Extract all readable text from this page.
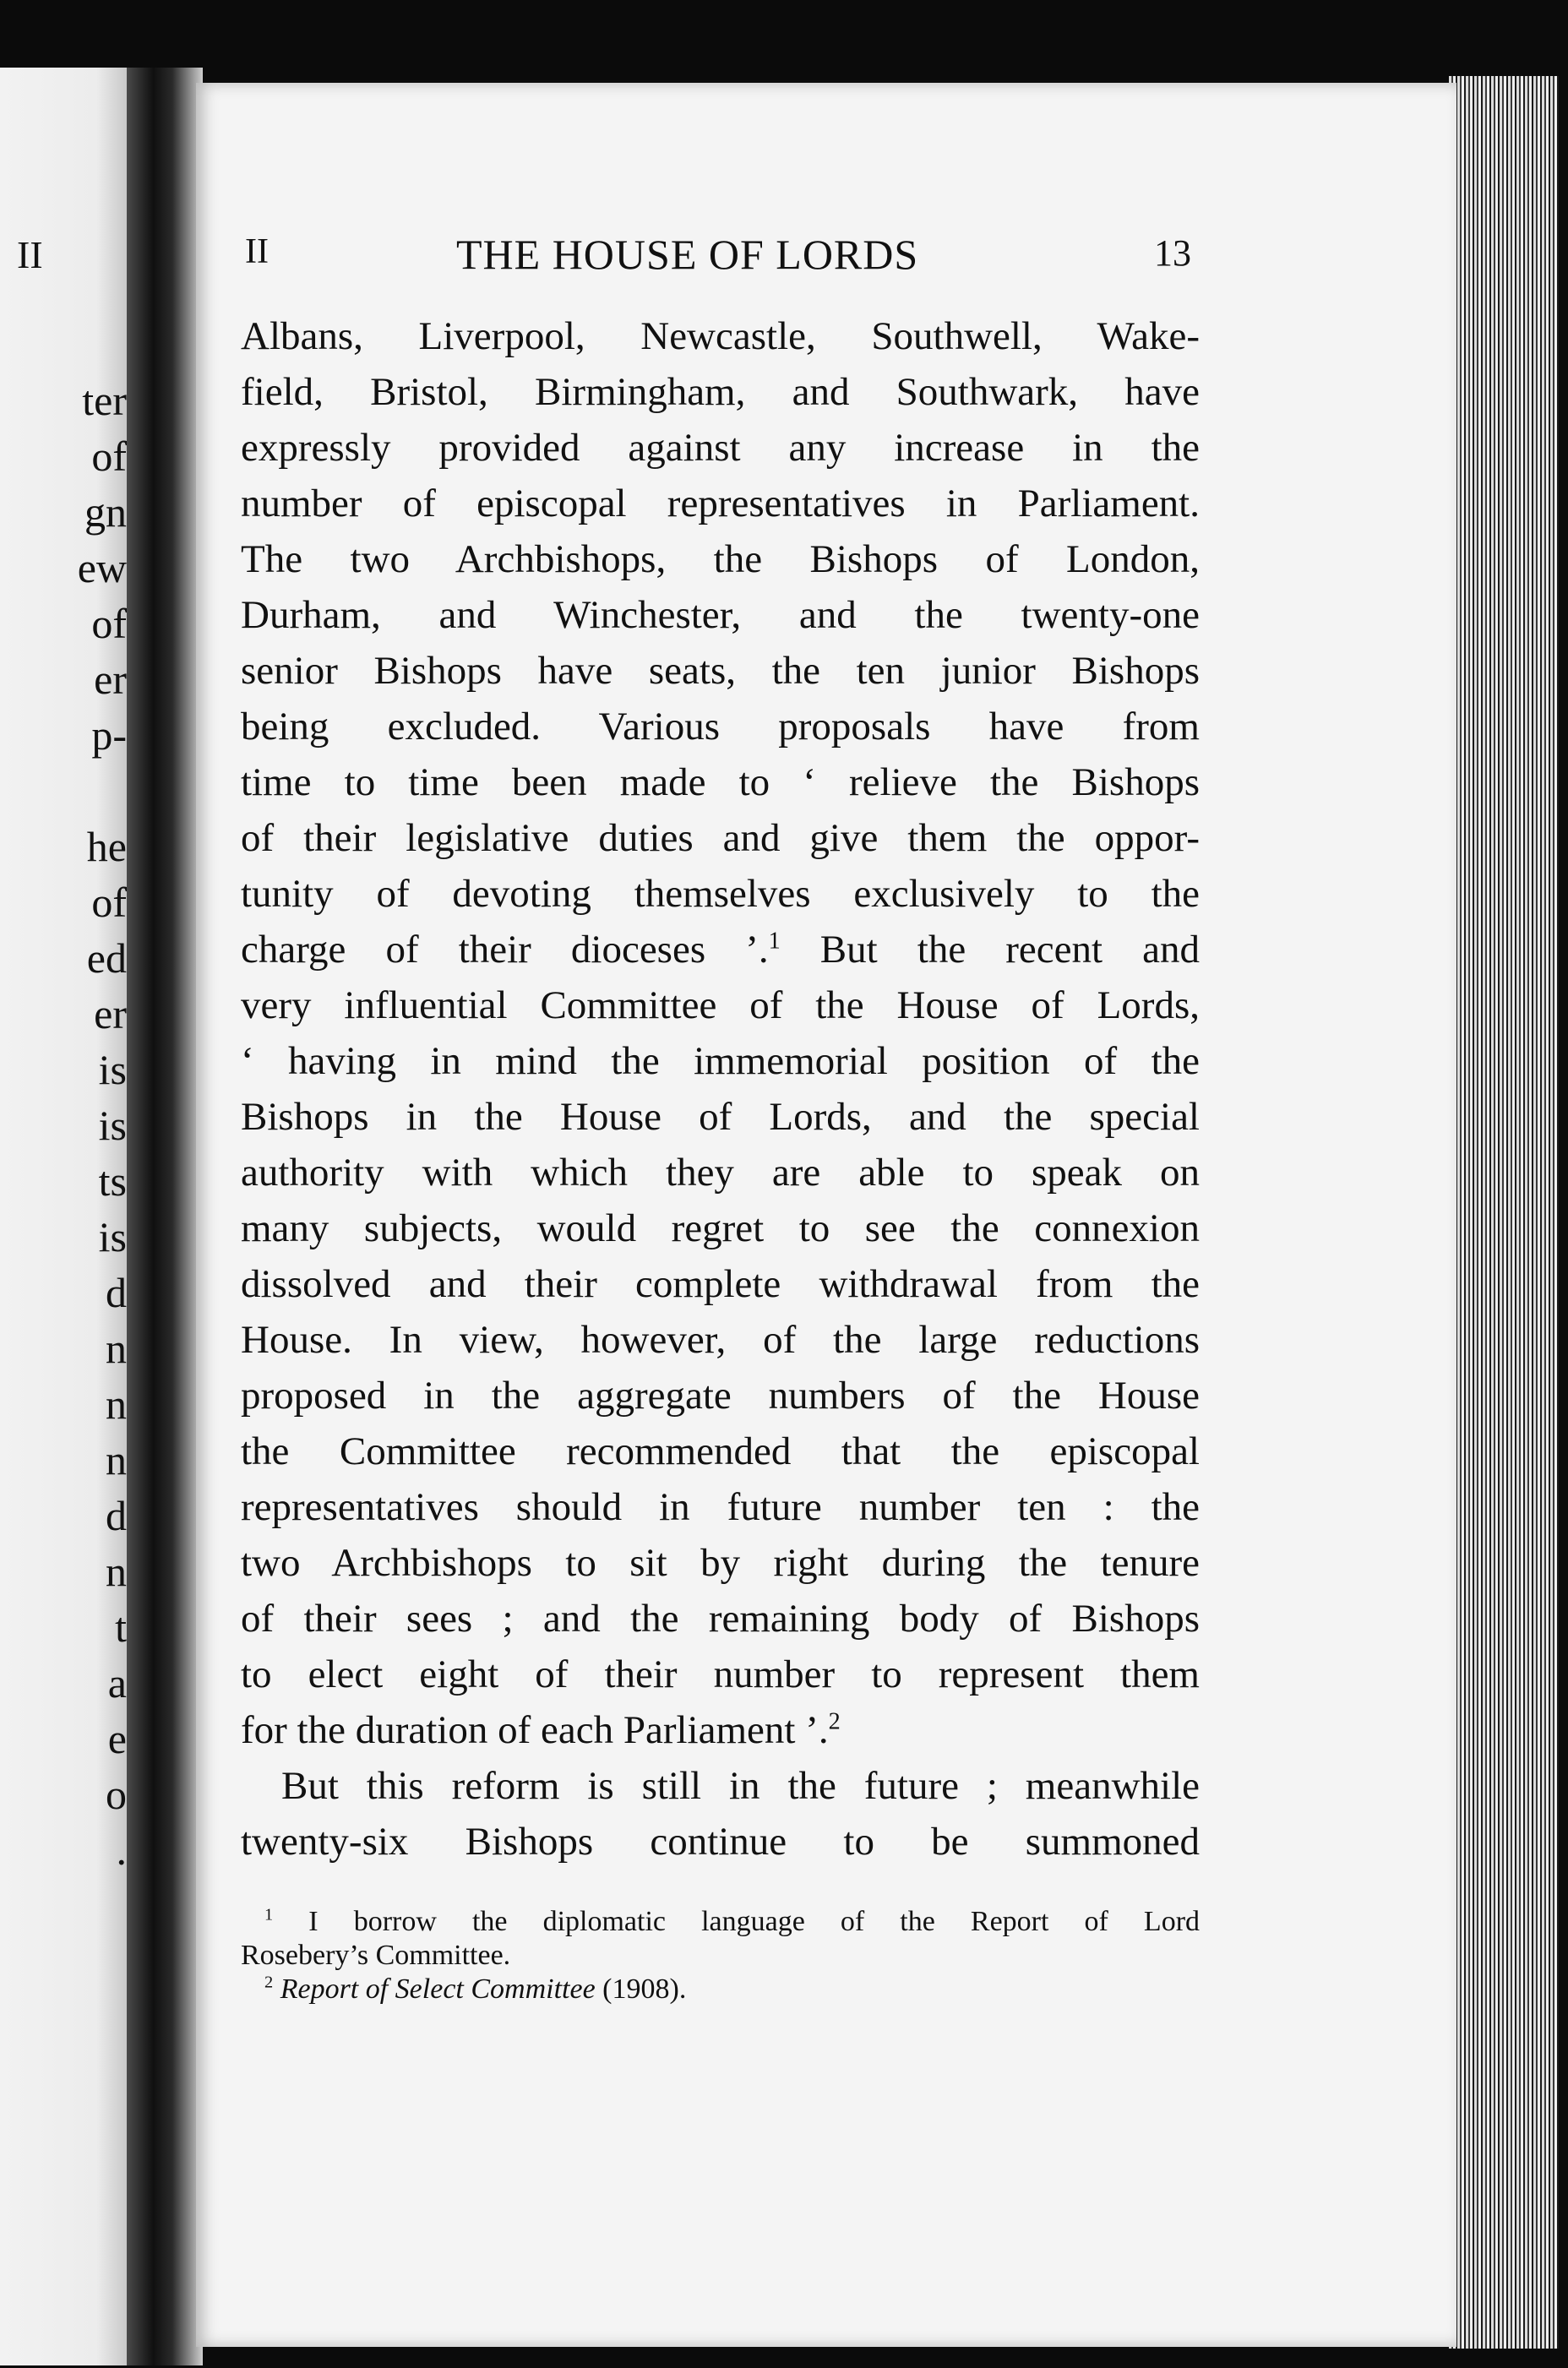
II
ter
of
gn
ew
of
er
p-
he
of
ed
er
is
is
ts
is
d
n
n
n
d
n
t
a
e
o
.
II	THE HOUSE OF LORDS	13
Albans, Liverpool, Newcastle, Southwell, Wake-
field, Bristol, Birmingham, and Southwark, have
expressly provided against any increase in the
number of episcopal representatives in Parliament.
The two Archbishops, the Bishops of London,
Durham, and Winchester, and the twenty-one
senior Bishops have seats, the ten junior Bishops
being excluded. Various proposals have from
time to time been made to ‘ relieve the Bishops
of their legislative duties and give them the oppor-
tunity of devoting themselves exclusively to the
charge of their dioceses ’.$^1$ But the recent and
very influential Committee of the House of Lords,
‘ having in mind the immemorial position of the
Bishops in the House of Lords, and the special
authority with which they are able to speak on
many subjects, would regret to see the connexion
dissolved and their complete withdrawal from the
House. In view, however, of the large reductions
proposed in the aggregate numbers of the House
the Committee recommended that the episcopal
representatives should in future number ten : the
two Archbishops to sit by right during the tenure
of their sees ; and the remaining body of Bishops
to elect eight of their number to represent them
for the duration of each Parliament ’.$^2$
But this reform is still in the future ; meanwhile
twenty-six Bishops continue to be summoned
$^1$ I borrow the diplomatic language of the Report of Lord
Rosebery’s Committee.
$^2$ Report of Select Committee (1908).
